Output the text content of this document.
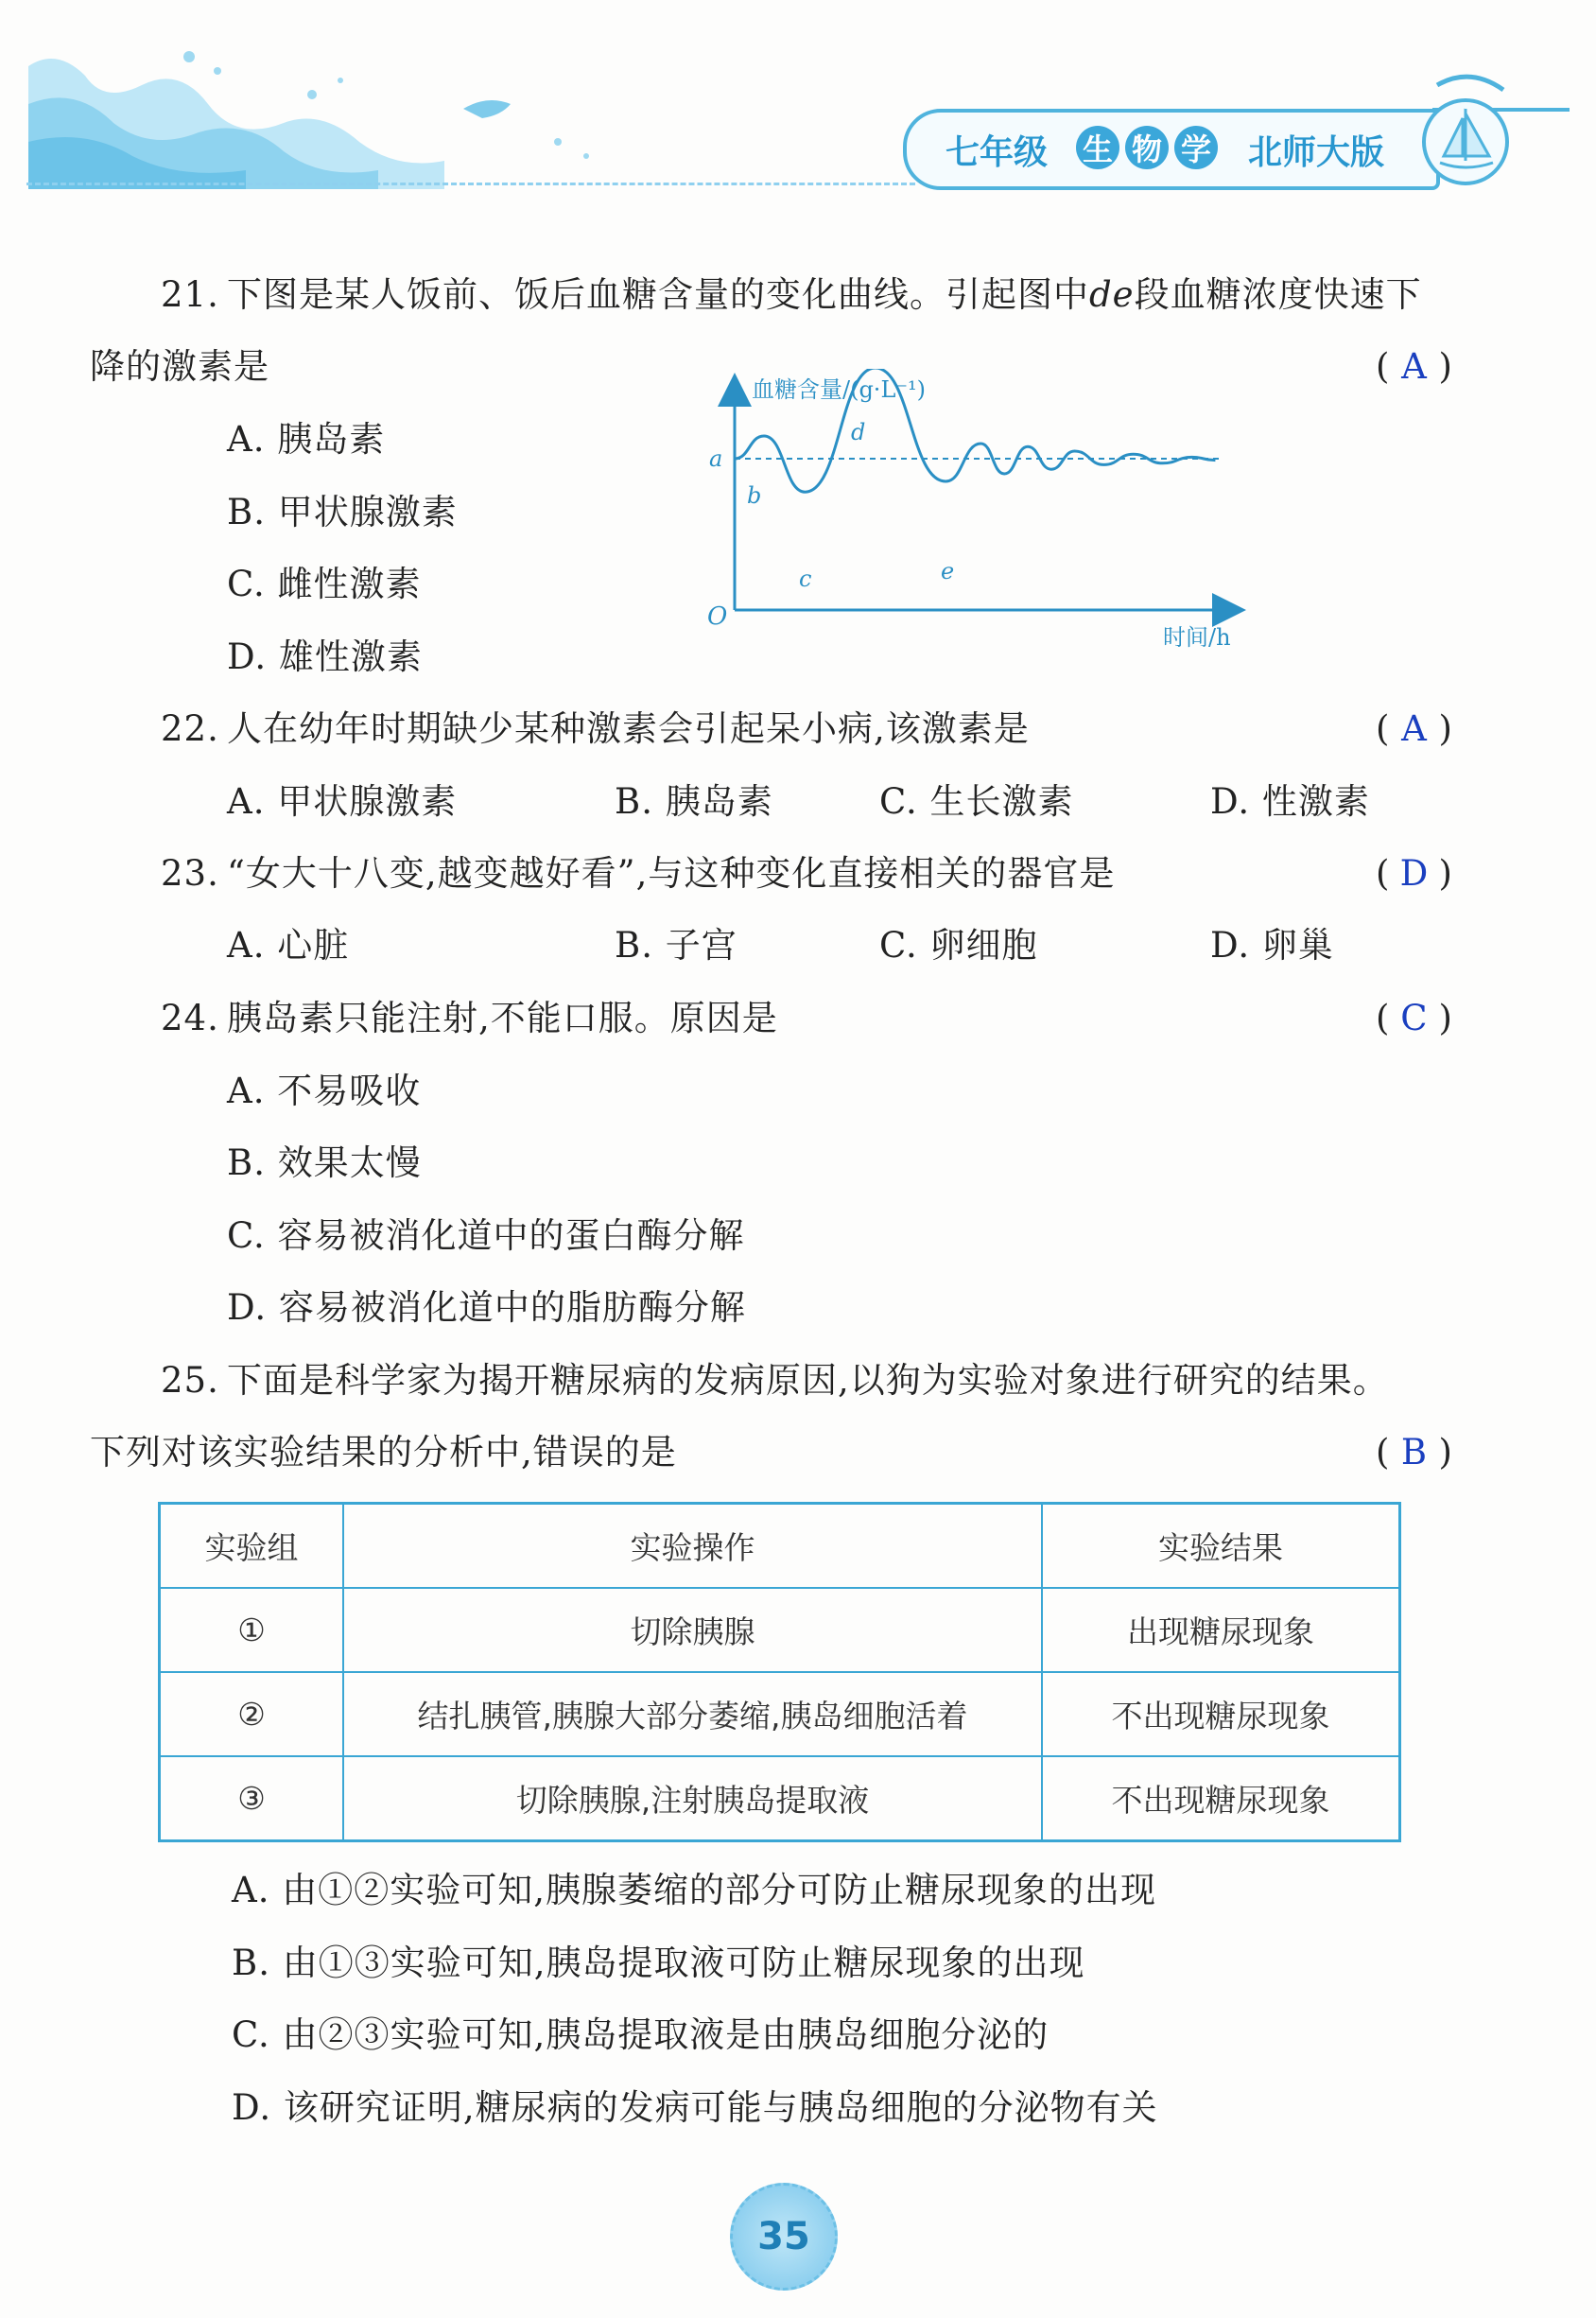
七年级 生 物 学 北师大版
21. 下图是某人饭前、饭后血糖含量的变化曲线。引起图中de段血糖浓度快速下
降的激素是	( A )
A. 胰岛素
B. 甲状腺激素
C. 雌性激素
D. 雄性激素
血糖含量/(g·L⁻¹)
时间/h
O
a
b
c
d
e
22. 人在幼年时期缺少某种激素会引起呆小病,该激素是	( A )
A. 甲状腺激素	B. 胰岛素	C. 生长激素	D. 性激素
23. “女大十八变,越变越好看”,与这种变化直接相关的器官是	( D )
A. 心脏	B. 子宫	C. 卵细胞	D. 卵巢
24. 胰岛素只能注射,不能口服。原因是	( C )
A. 不易吸收
B. 效果太慢
C. 容易被消化道中的蛋白酶分解
D. 容易被消化道中的脂肪酶分解
25. 下面是科学家为揭开糖尿病的发病原因,以狗为实验对象进行研究的结果。
下列对该实验结果的分析中,错误的是	( B )
实验组	实验操作	实验结果
①	切除胰腺	出现糖尿现象
②	结扎胰管,胰腺大部分萎缩,胰岛细胞活着	不出现糖尿现象
③	切除胰腺,注射胰岛提取液	不出现糖尿现象
A. 由①②实验可知,胰腺萎缩的部分可防止糖尿现象的出现
B. 由①③实验可知,胰岛提取液可防止糖尿现象的出现
C. 由②③实验可知,胰岛提取液是由胰岛细胞分泌的
D. 该研究证明,糖尿病的发病可能与胰岛细胞的分泌物有关
35
